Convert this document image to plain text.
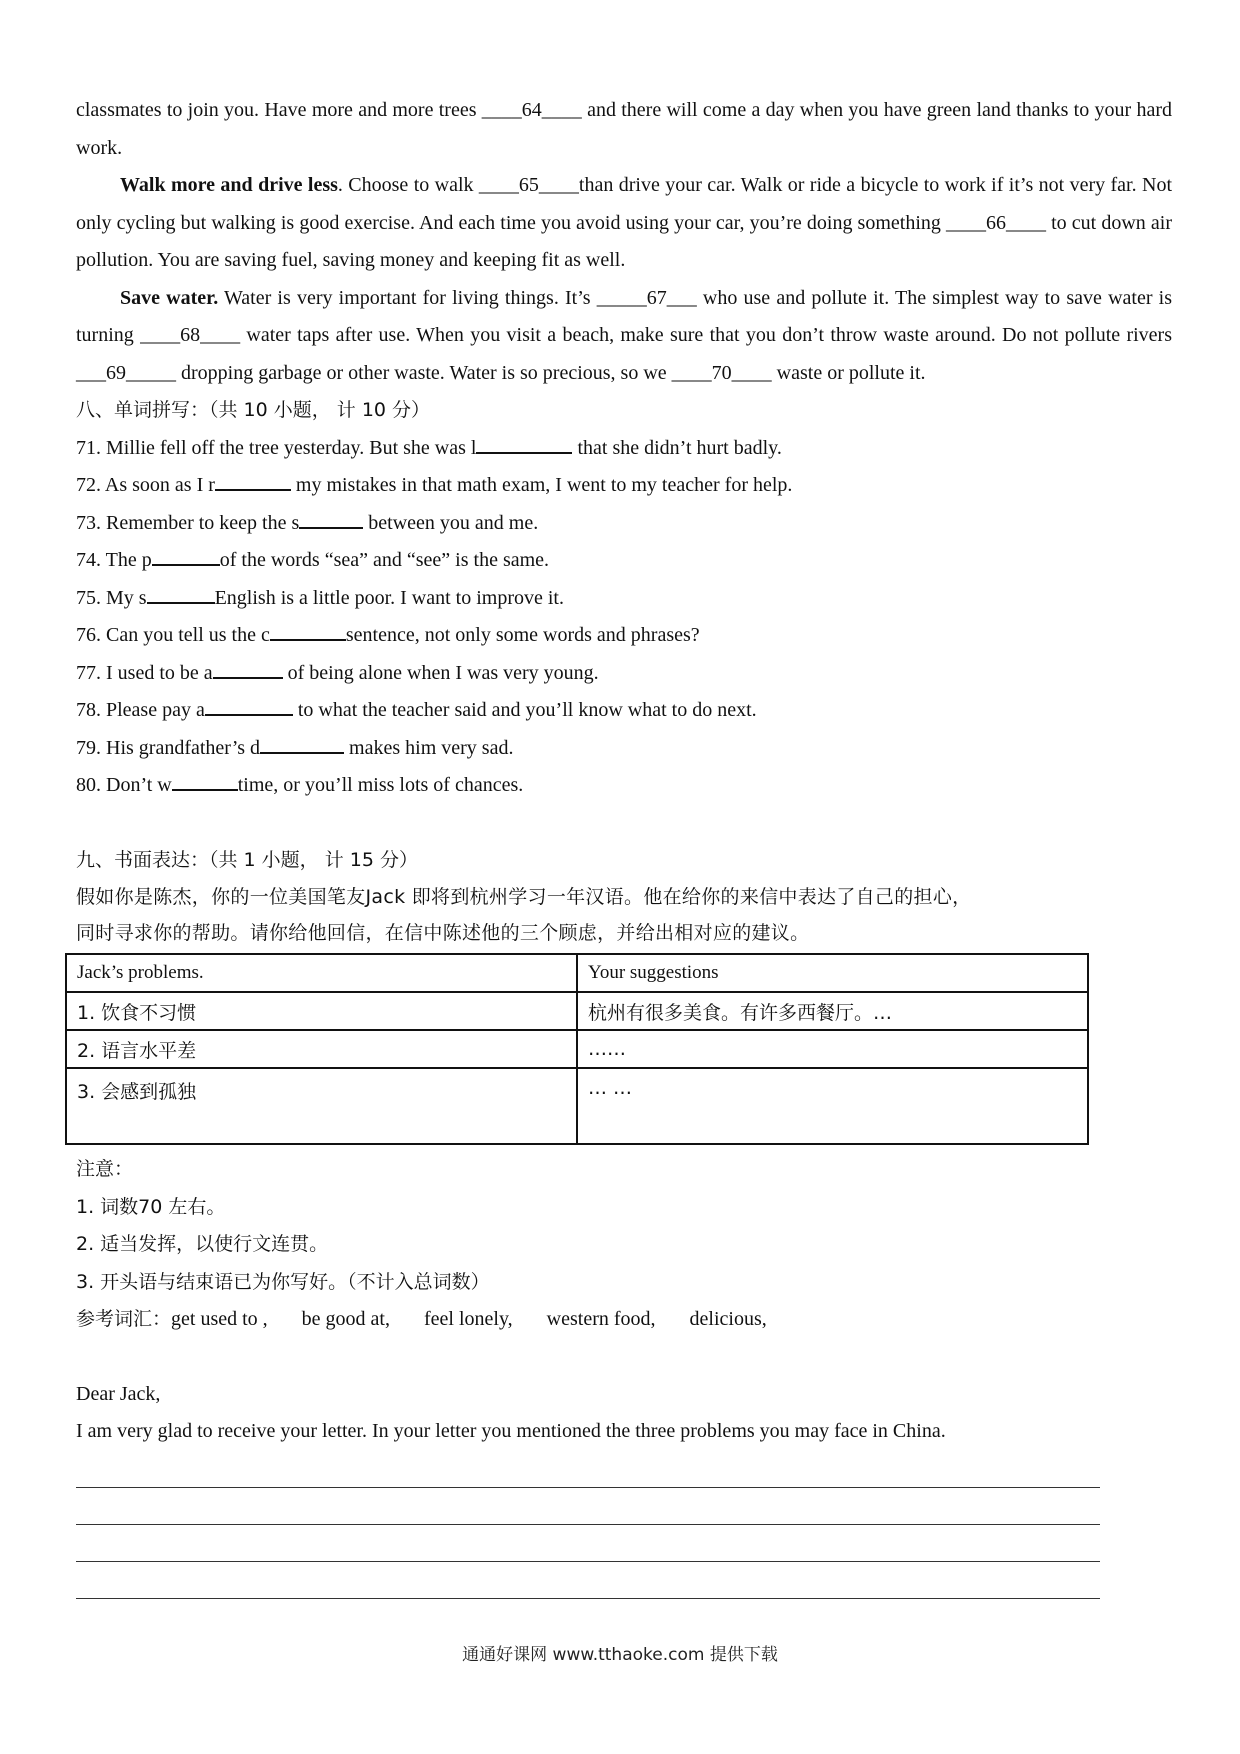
classmates to join you. Have more and more trees ____64____ and there will come a day when you have green land thanks to your hard work.

Walk more and drive less. Choose to walk ____65____than drive your car. Walk or ride a bicycle to work if it’s not very far. Not only cycling but walking is good exercise. And each time you avoid using your car, you’re doing something ____66____ to cut down air pollution. You are saving fuel, saving money and keeping fit as well.

Save water. Water is very important for living things. It’s _____67___ who use and pollute it. The simplest way to save water is turning ____68____ water taps after use. When you visit a beach, make sure that you don’t throw waste around. Do not pollute rivers ___69_____ dropping garbage or other waste. Water is so precious, so we ____70____ waste or pollute it.

八、单词拼写：（共 10 小题， 计 10 分）

71. Millie fell off the tree yesterday. But she was l	that she didn’t hurt badly.

72. As soon as I r	my mistakes in that math exam, I went to my teacher for help.

73. Remember to keep the s	between you and me.

74. The p	of the words “sea” and “see” is the same.

75. My s	English is a little poor. I want to improve it.

76. Can you tell us the c	sentence, not only some words and phrases?

77. I used to be a	of being alone when I was very young.

78. Please pay a	to what the teacher said and you’ll know what to do next.

79. His grandfather’s d	makes him very sad.

80. Don’t w	time, or you’ll miss lots of chances.

九、书面表达：（共 1 小题， 计 15 分）

假如你是陈杰，你的一位美国笔友Jack 即将到杭州学习一年汉语。他在给你的来信中表达了自己的担心，

同时寻求你的帮助。请你给他回信，在信中陈述他的三个顾虑，并给出相对应的建议。

Jack’s problems.	Your suggestions
1. 饮食不习惯	杭州有很多美食。有许多西餐厅。…
2. 语言水平差	……
3. 会感到孤独	… …

注意：

1. 词数70 左右。

2. 适当发挥，以使行文连贯。

3. 开头语与结束语已为你写好。（不计入总词数）

参考词汇：get used to , be good at, feel lonely, western food, delicious,

Dear Jack,

I am very glad to receive your letter. In your letter you mentioned the three problems you may face in China.

通通好课网 www.tthaoke.com 提供下载
